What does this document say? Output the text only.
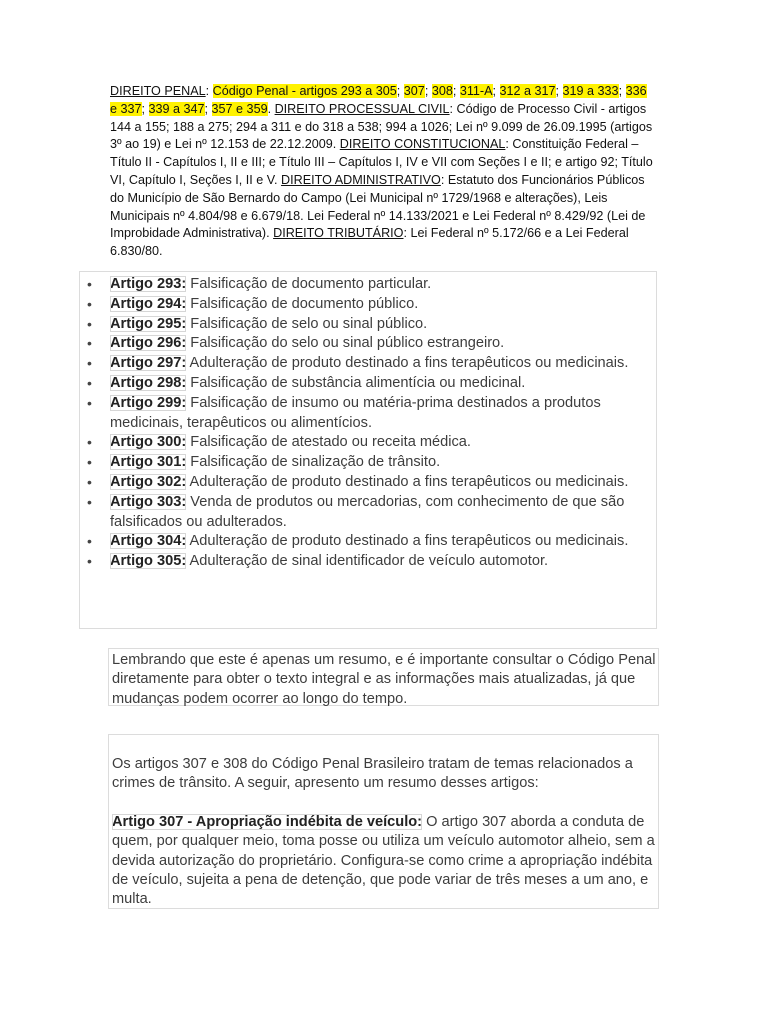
DIREITO PENAL: Código Penal - artigos 293 a 305; 307; 308; 311-A; 312 a 317; 319 a 333; 336 e 337; 339 a 347; 357 e 359. DIREITO PROCESSUAL CIVIL: Código de Processo Civil - artigos 144 a 155; 188 a 275; 294 a 311 e do 318 a 538; 994 a 1026; Lei nº 9.099 de 26.09.1995 (artigos 3º ao 19) e Lei nº 12.153 de 22.12.2009. DIREITO CONSTITUCIONAL: Constituição Federal – Título II - Capítulos I, II e III; e Título III – Capítulos I, IV e VII com Seções I e II; e artigo 92; Título VI, Capítulo I, Seções I, II e V. DIREITO ADMINISTRATIVO: Estatuto dos Funcionários Públicos do Município de São Bernardo do Campo (Lei Municipal nº 1729/1968 e alterações), Leis Municipais nº 4.804/98 e 6.679/18. Lei Federal nº 14.133/2021 e Lei Federal nº 8.429/92 (Lei de Improbidade Administrativa). DIREITO TRIBUTÁRIO: Lei Federal nº 5.172/66 e a Lei Federal 6.830/80.
• Artigo 293: Falsificação de documento particular.
• Artigo 294: Falsificação de documento público.
• Artigo 295: Falsificação de selo ou sinal público.
• Artigo 296: Falsificação do selo ou sinal público estrangeiro.
• Artigo 297: Adulteração de produto destinado a fins terapêuticos ou medicinais.
• Artigo 298: Falsificação de substância alimentícia ou medicinal.
• Artigo 299: Falsificação de insumo ou matéria-prima destinados a produtos medicinais, terapêuticos ou alimentícios.
• Artigo 300: Falsificação de atestado ou receita médica.
• Artigo 301: Falsificação de sinalização de trânsito.
• Artigo 302: Adulteração de produto destinado a fins terapêuticos ou medicinais.
• Artigo 303: Venda de produtos ou mercadorias, com conhecimento de que são falsificados ou adulterados.
• Artigo 304: Adulteração de produto destinado a fins terapêuticos ou medicinais.
• Artigo 305: Adulteração de sinal identificador de veículo automotor.
Lembrando que este é apenas um resumo, e é importante consultar o Código Penal diretamente para obter o texto integral e as informações mais atualizadas, já que mudanças podem ocorrer ao longo do tempo.

Os artigos 307 e 308 do Código Penal Brasileiro tratam de temas relacionados a crimes de trânsito. A seguir, apresento um resumo desses artigos:

Artigo 307 - Apropriação indébita de veículo: O artigo 307 aborda a conduta de quem, por qualquer meio, toma posse ou utiliza um veículo automotor alheio, sem a devida autorização do proprietário. Configura-se como crime a apropriação indébita de veículo, sujeita a pena de detenção, que pode variar de três meses a um ano, e multa.
